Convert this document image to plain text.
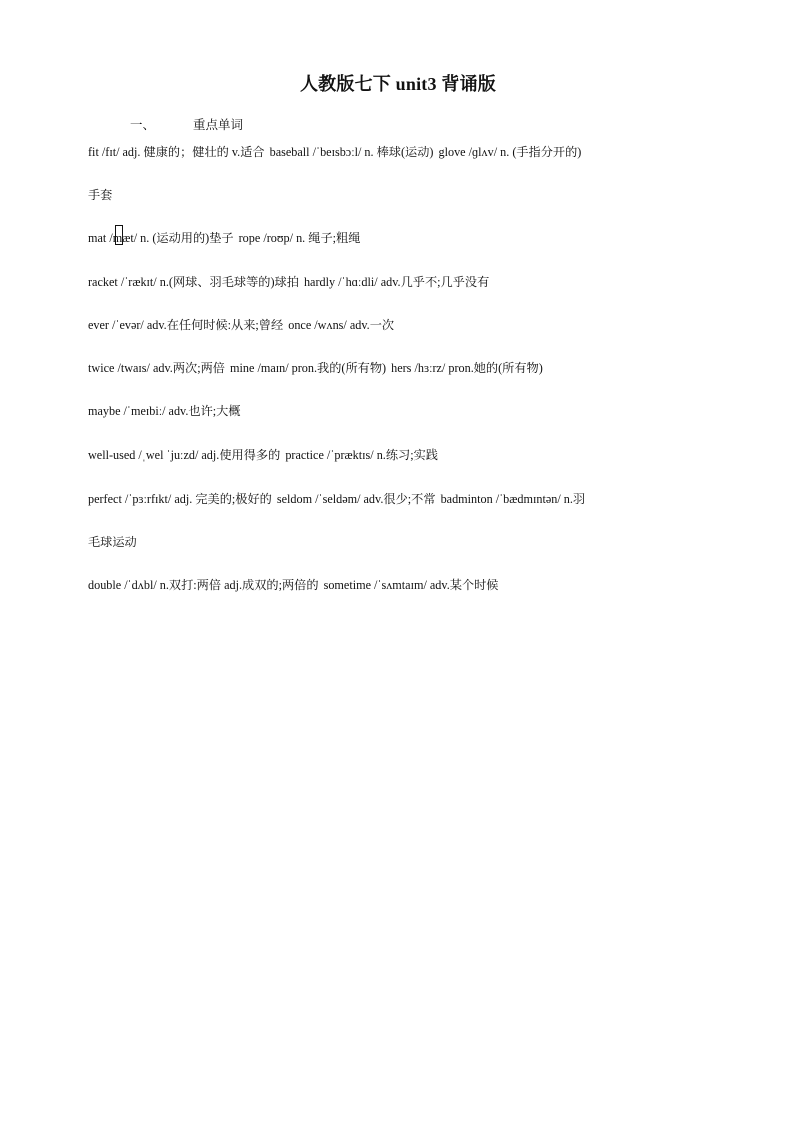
人教版七下 unit3 背诵版
一、	重点单词
fit /fɪt/ adj. 健康的；健壮的 v.适合 baseball /ˈbeɪsbɔːl/ n. 棒球(运动) glove /ɡlʌv/ n. (手指分开的)
手套
mat /mæt/ n. (运动用的)垫子 rope /roʊp/ n. 绳子;粗绳
racket /ˈrækɪt/ n.(网球、羽毛球等的)球拍 hardly /ˈhɑːdli/ adv.几乎不;几乎没有
ever /ˈevər/ adv.在任何时候:从来;曾经 once /wʌns/ adv.一次
twice /twaɪs/ adv.两次;两倍 mine /maɪn/ pron.我的(所有物) hers /hɜːrz/ pron.她的(所有物)
maybe /ˈmeɪbiː/ adv.也许;大概
well-used /ˌwel ˈjuːzd/ adj.使用得多的 practice /ˈpræktɪs/ n.练习;实践
perfect /ˈpɜːrfɪkt/ adj. 完美的;极好的 seldom /ˈseldəm/ adv.很少;不常 badminton /ˈbædmɪntən/ n.羽
毛球运动
double /ˈdʌbl/ n.双打:两倍 adj.成双的;两倍的 sometime /ˈsʌmtaɪm/ adv.某个时候
